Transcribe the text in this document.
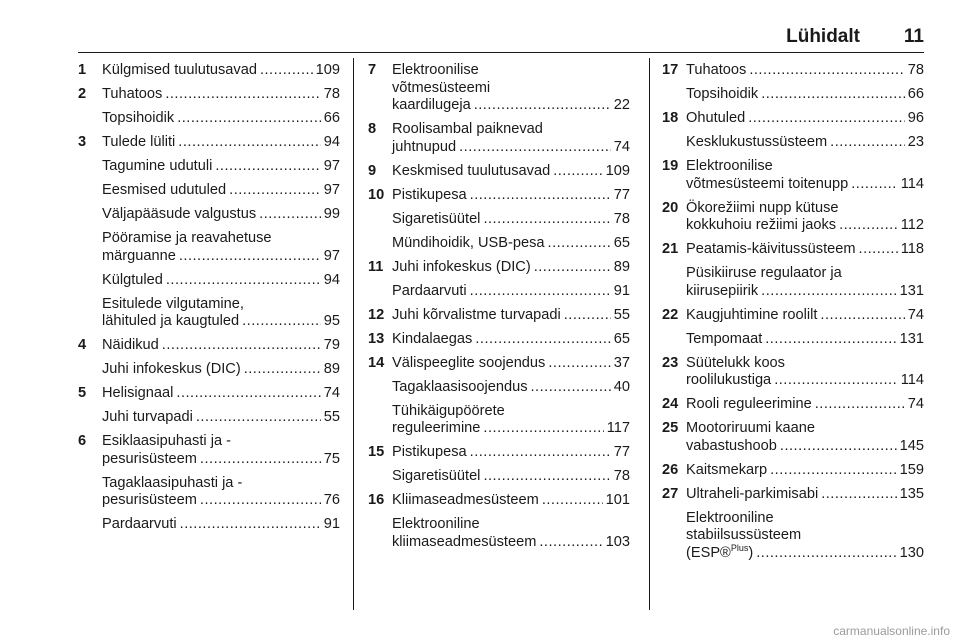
Lühidalt 11
1 Külgmised tuulutusavad .....	109
2 Tuhatoos .....	78
Topsihoidik .....	66
3 Tulede lüliti .....	94
Tagumine udutuli .....	97
Eesmised udutuled .....	97
Väljapääsude valgustus .....	99
Pööramise ja reavahetuse
märguanne .....	97
Külgtuled .....	94
Esitulede vilgutamine,
lähituled ja kaugtuled .....	95
4 Näidikud .....	79
Juhi infokeskus (DIC) .....	89
5 Helisignaal .....	74
Juhi turvapadi .....	55
6 Esiklaasipuhasti ja -
pesurisüsteem .....	75
Tagaklaasipuhasti ja -
pesurisüsteem .....	76
Pardaarvuti .....	91
7 Elektroonilise
võtmesüsteemi
kaardilugeja .....	22
8 Roolisambal paiknevad
juhtnupud .....	74
9 Keskmised tuulutusavad .....	109
10 Pistikupesa .....	77
Sigaretisüütel .....	78
Mündihoidik, USB-pesa .....	65
11 Juhi infokeskus (DIC) .....	89
Pardaarvuti .....	91
12 Juhi kõrvalistme turvapadi .....	55
13 Kindalaegas .....	65
14 Välispeeglite soojendus .....	37
Tagaklaasisoojendus .....	40
Tühikäigupöörete
reguleerimine .....	117
15 Pistikupesa .....	77
Sigaretisüütel .....	78
16 Kliimaseadmesüsteem .....	101
Elektrooniline
kliimaseadmesüsteem .....	103
17 Tuhatoos .....	78
Topsihoidik .....	66
18 Ohutuled .....	96
Kesklukustussüsteem .....	23
19 Elektroonilise
võtmesüsteemi toitenupp .....	114
20 Ökorežiimi nupp kütuse
kokkuhoiu režiimi jaoks .....	112
21 Peatamis-käivitussüsteem .....	118
Püsikiiruse regulaator ja
kiirusepiirik .....	131
22 Kaugjuhtimine roolilt .....	74
Tempomaat .....	131
23 Süütelukk koos
roolilukustiga .....	114
24 Rooli reguleerimine .....	74
25 Mootoriruumi kaane
vabastushoob .....	145
26 Kaitsmekarp .....	159
27 Ultraheli-parkimisabi .....	135
Elektrooniline
stabiilsussüsteem
(ESP®$^{Plus}$) .....	130
carmanualsonline.info
